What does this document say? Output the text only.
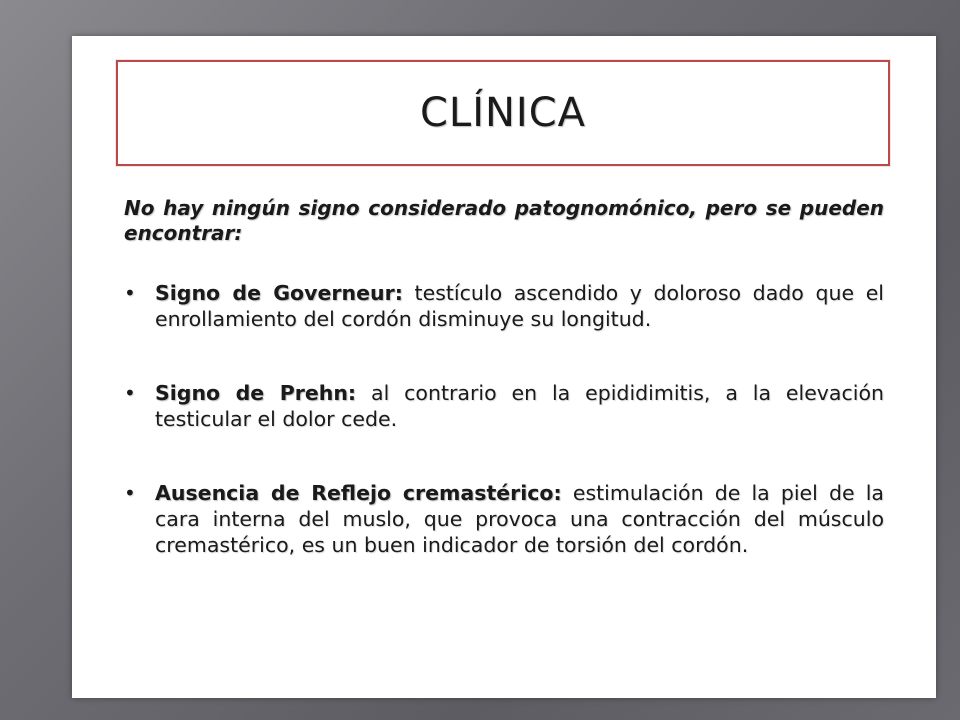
CLÍNICA

No hay ningún signo considerado patognomónico, pero se pueden encontrar:

• Signo de Governeur: testículo ascendido y doloroso dado que el enrollamiento del cordón disminuye su longitud.

• Signo de Prehn: al contrario en la epididimitis, a la elevación testicular el dolor cede.

• Ausencia de Reflejo cremastérico: estimulación de la piel de la cara interna del muslo, que provoca una contracción del músculo cremastérico, es un buen indicador de torsión del cordón.
